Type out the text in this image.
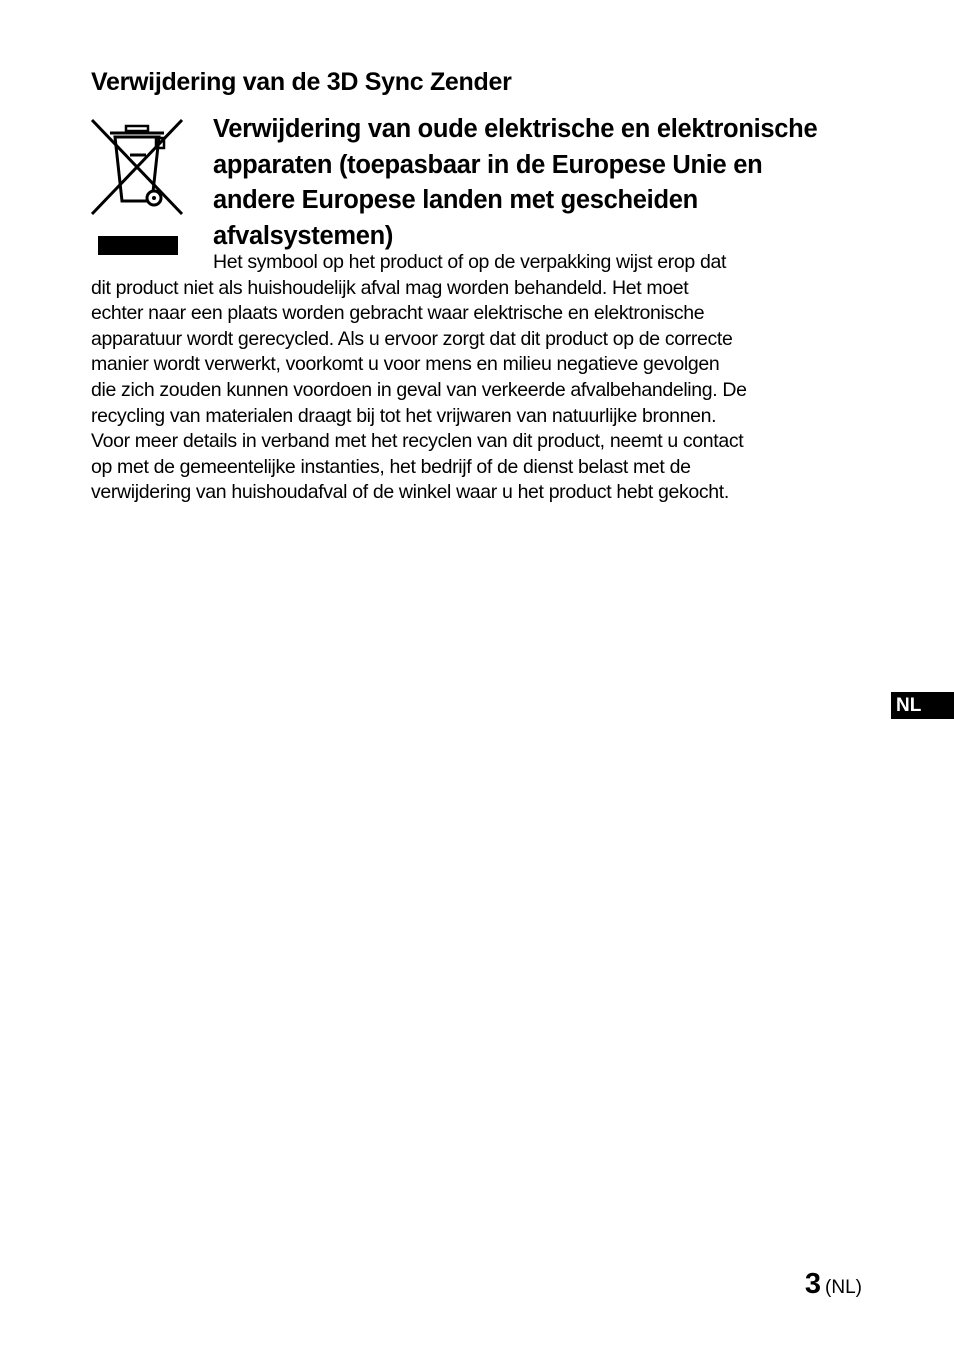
Verwijdering van de 3D Sync Zender
Verwijdering van oude elektrische en elektronische apparaten (toepasbaar in de Europese Unie en andere Europese landen met gescheiden afvalsystemen)

Het symbool op het product of op de verpakking wijst erop dat
dit product niet als huishoudelijk afval mag worden behandeld. Het moet
echter naar een plaats worden gebracht waar elektrische en elektronische
apparatuur wordt gerecycled. Als u ervoor zorgt dat dit product op de correcte
manier wordt verwerkt, voorkomt u voor mens en milieu negatieve gevolgen
die zich zouden kunnen voordoen in geval van verkeerde afvalbehandeling. De
recycling van materialen draagt bij tot het vrijwaren van natuurlijke bronnen.
Voor meer details in verband met het recyclen van dit product, neemt u contact
op met de gemeentelijke instanties, het bedrijf of de dienst belast met de
verwijdering van huishoudafval of de winkel waar u het product hebt gekocht.

NL
3 (NL)
